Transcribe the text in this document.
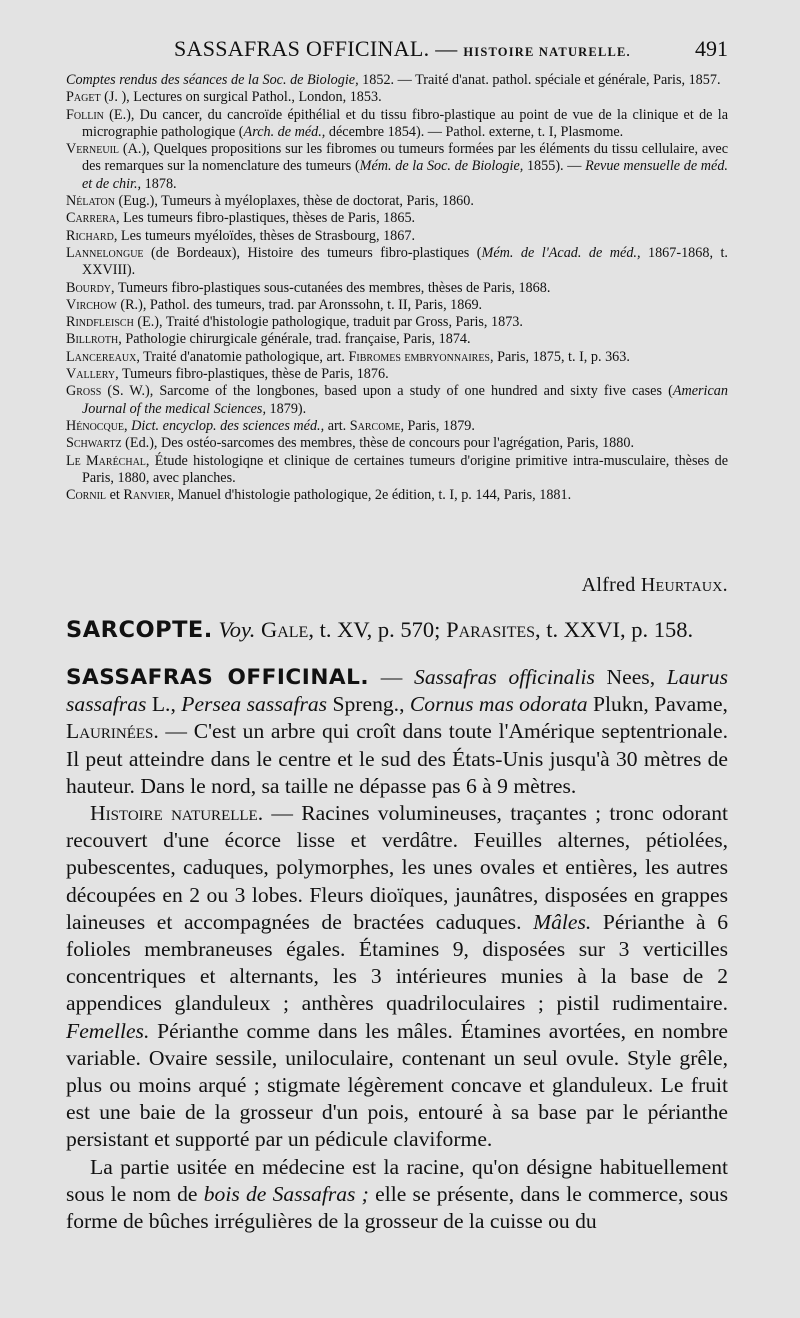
SASSAFRAS OFFICINAL. — HISTOIRE NATURELLE.	491

Comptes rendus des séances de la Soc. de Biologie, 1852. — Traité d'anat. pathol. spéciale et générale, Paris, 1857.

Paget (J. ), Lectures on surgical Pathol., London, 1853.

Follin (E.), Du cancer, du cancroïde épithélial et du tissu fibro-plastique au point de vue de la clinique et de la micrographie pathologique (Arch. de méd., décembre 1854). — Pathol. externe, t. I, Plasmome.

Verneuil (A.), Quelques propositions sur les fibromes ou tumeurs formées par les éléments du tissu cellulaire, avec des remarques sur la nomenclature des tumeurs (Mém. de la Soc. de Biologie, 1855). — Revue mensuelle de méd. et de chir., 1878.

Nélaton (Eug.), Tumeurs à myéloplaxes, thèse de doctorat, Paris, 1860.

Carrera, Les tumeurs fibro-plastiques, thèses de Paris, 1865.

Richard, Les tumeurs myéloïdes, thèses de Strasbourg, 1867.

Lannelongue (de Bordeaux), Histoire des tumeurs fibro-plastiques (Mém. de l'Acad. de méd., 1867-1868, t. XXVIII).

Bourdy, Tumeurs fibro-plastiques sous-cutanées des membres, thèses de Paris, 1868.

Virchow (R.), Pathol. des tumeurs, trad. par Aronssohn, t. II, Paris, 1869.

Rindfleisch (E.), Traité d'histologie pathologique, traduit par Gross, Paris, 1873.

Billroth, Pathologie chirurgicale générale, trad. française, Paris, 1874.

Lancereaux, Traité d'anatomie pathologique, art. Fibromes embryonnaires, Paris, 1875, t. I, p. 363.

Vallery, Tumeurs fibro-plastiques, thèse de Paris, 1876.

Gross (S. W.), Sarcome of the longbones, based upon a study of one hundred and sixty five cases (American Journal of the medical Sciences, 1879).

Hénocque, Dict. encyclop. des sciences méd., art. Sarcome, Paris, 1879.

Schwartz (Ed.), Des ostéo-sarcomes des membres, thèse de concours pour l'agrégation, Paris, 1880.

Le Maréchal, Étude histologiqne et clinique de certaines tumeurs d'origine primitive intra-musculaire, thèses de Paris, 1880, avec planches.

Cornil et Ranvier, Manuel d'histologie pathologique, 2e édition, t. I, p. 144, Paris, 1881.

Alfred Heurtaux.
SARCOPTE. Voy. Gale, t. XV, p. 570; Parasites, t. XXVI, p. 158.

SASSAFRAS OFFICINAL. — Sassafras officinalis Nees, Laurus sassafras L., Persea sassafras Spreng., Cornus mas odorata Plukn, Pavame, Laurinées. — C'est un arbre qui croît dans toute l'Amérique septentrionale. Il peut atteindre dans le centre et le sud des États-Unis jusqu'à 30 mètres de hauteur. Dans le nord, sa taille ne dépasse pas 6 à 9 mètres.

Histoire naturelle. — Racines volumineuses, traçantes ; tronc odorant recouvert d'une écorce lisse et verdâtre. Feuilles alternes, pétiolées, pubescentes, caduques, polymorphes, les unes ovales et entières, les autres découpées en 2 ou 3 lobes. Fleurs dioïques, jaunâtres, disposées en grappes laineuses et accompagnées de bractées caduques. Mâles. Périanthe à 6 folioles membraneuses égales. Étamines 9, disposées sur 3 verticilles concentriques et alternants, les 3 intérieures munies à la base de 2 appendices glanduleux ; anthères quadriloculaires ; pistil rudimentaire. Femelles. Périanthe comme dans les mâles. Étamines avortées, en nombre variable. Ovaire sessile, uniloculaire, contenant un seul ovule. Style grêle, plus ou moins arqué ; stigmate légèrement concave et glanduleux. Le fruit est une baie de la grosseur d'un pois, entouré à sa base par le périanthe persistant et supporté par un pédicule claviforme.

La partie usitée en médecine est la racine, qu'on désigne habituellement sous le nom de bois de Sassafras ; elle se présente, dans le commerce, sous forme de bûches irrégulières de la grosseur de la cuisse ou du
